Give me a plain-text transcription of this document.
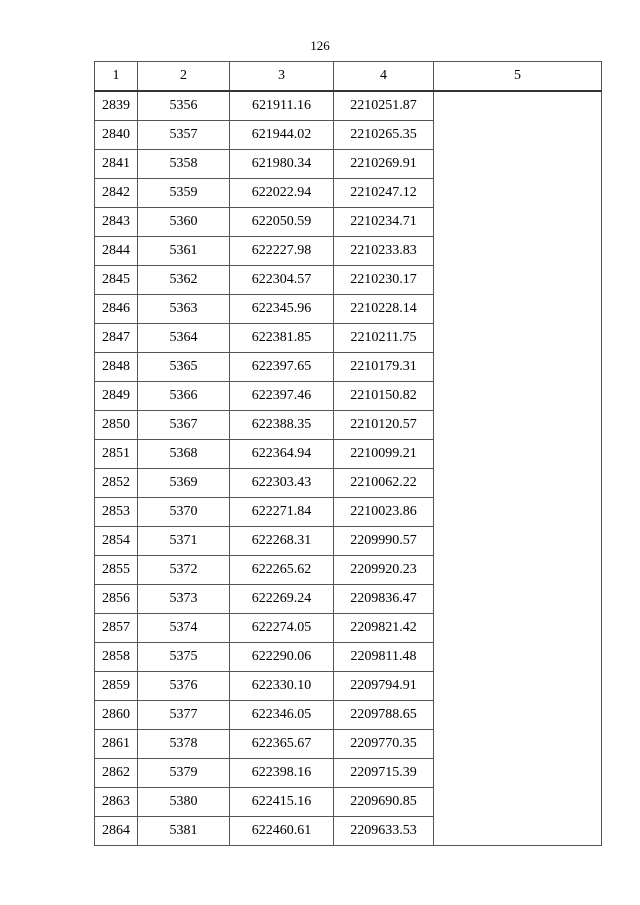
126
1	2	3	4	5
2839	5356	621911.16	2210251.87	
2840	5357	621944.02	2210265.35	
2841	5358	621980.34	2210269.91	
2842	5359	622022.94	2210247.12	
2843	5360	622050.59	2210234.71	
2844	5361	622227.98	2210233.83	
2845	5362	622304.57	2210230.17	
2846	5363	622345.96	2210228.14	
2847	5364	622381.85	2210211.75	
2848	5365	622397.65	2210179.31	
2849	5366	622397.46	2210150.82	
2850	5367	622388.35	2210120.57	
2851	5368	622364.94	2210099.21	
2852	5369	622303.43	2210062.22	
2853	5370	622271.84	2210023.86	
2854	5371	622268.31	2209990.57	
2855	5372	622265.62	2209920.23	
2856	5373	622269.24	2209836.47	
2857	5374	622274.05	2209821.42	
2858	5375	622290.06	2209811.48	
2859	5376	622330.10	2209794.91	
2860	5377	622346.05	2209788.65	
2861	5378	622365.67	2209770.35	
2862	5379	622398.16	2209715.39	
2863	5380	622415.16	2209690.85	
2864	5381	622460.61	2209633.53	
